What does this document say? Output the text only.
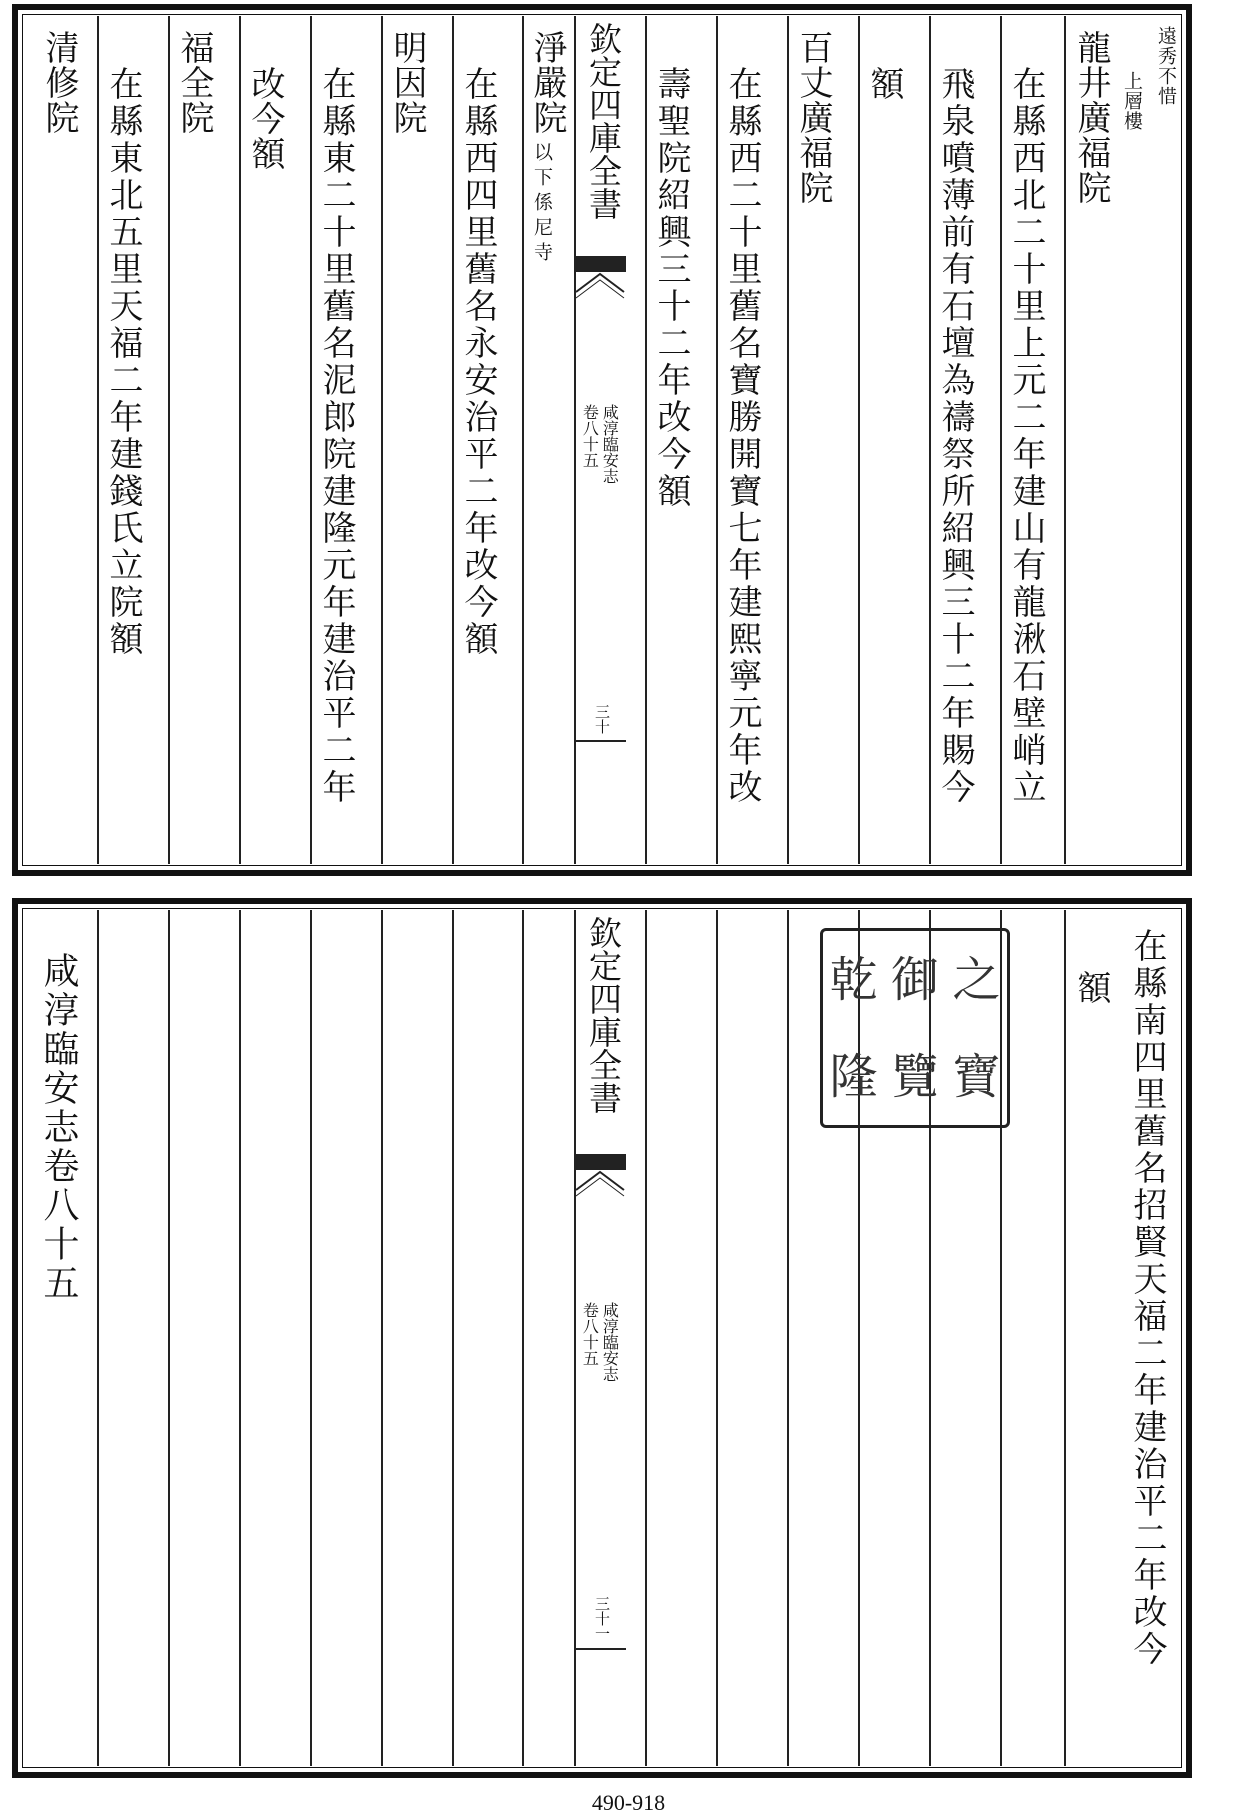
遠秀不惜
上層樓
龍井廣福院
在縣西北二十里上元二年建山有龍湫石壁峭立
飛泉噴薄前有石壇為禱祭所紹興三十二年賜今
額
百丈廣福院
在縣西二十里舊名寶勝開寶七年建熙寧元年改
壽聖院紹興三十二年改今額
欽定四庫全書
咸淳臨安志
卷八十五
三十
淨嚴院
以下係尼寺
在縣西四里舊名永安治平二年改今額
明因院
在縣東二十里舊名泥郎院建隆元年建治平二年
改今額
福全院
在縣東北五里天福二年建錢氏立院額
清修院
在縣南四里舊名招賢天福二年建治平二年改今
額
乾 御 之
隆 覽 寶
欽定四庫全書
咸淳臨安志
卷八十五
三十一
咸淳臨安志卷八十五
490-918
